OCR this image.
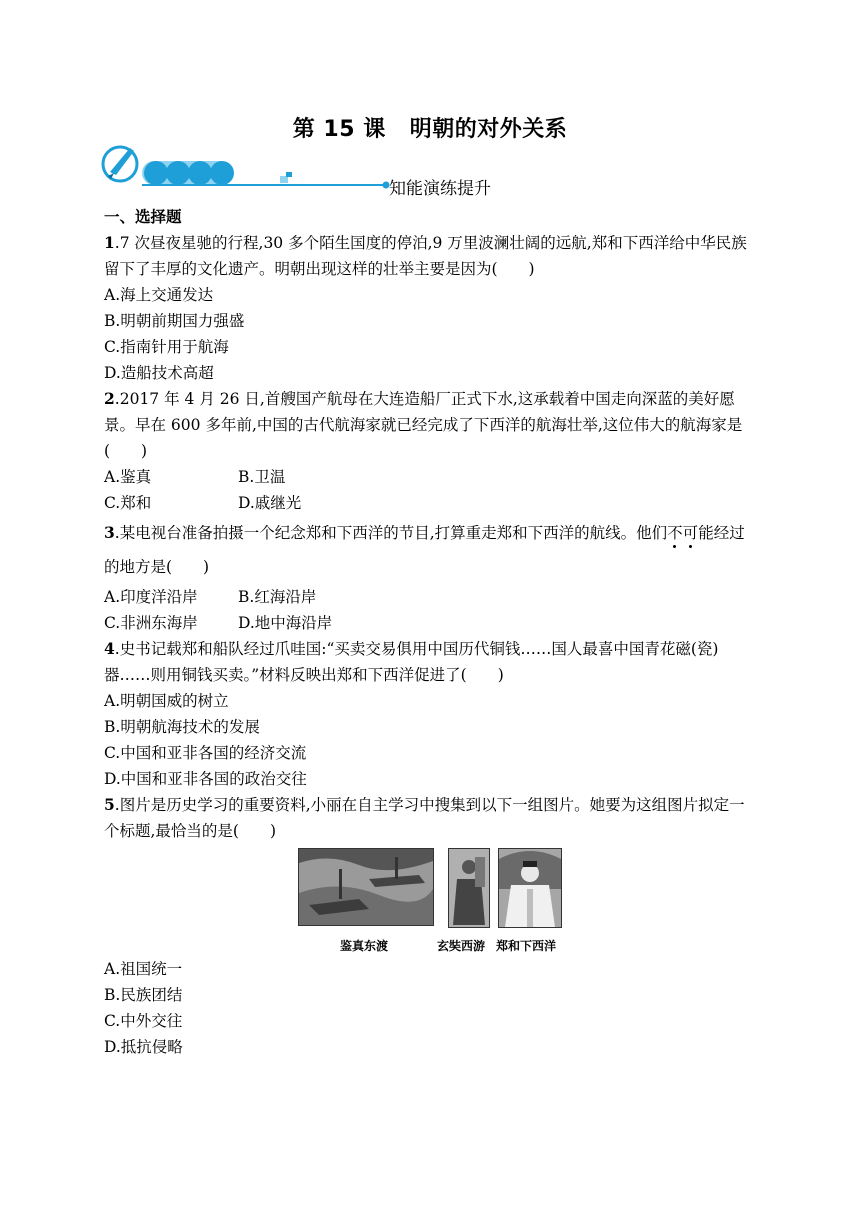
第 15 课 明朝的对外关系
知能演练提升
一、选择题

1.7 次昼夜星驰的行程,30 多个陌生国度的停泊,9 万里波澜壮阔的远航,郑和下西洋给中华民族留下了丰厚的文化遗产。明朝出现这样的壮举主要是因为(　　)

A.海上交通发达

B.明朝前期国力强盛

C.指南针用于航海

D.造船技术高超

2.2017 年 4 月 26 日,首艘国产航母在大连造船厂正式下水,这承载着中国走向深蓝的美好愿景。早在 600 多年前,中国的古代航海家就已经完成了下西洋的航海壮举,这位伟大的航海家是(　　)

A.鉴真	B.卫温
C.郑和	D.戚继光

3.某电视台准备拍摄一个纪念郑和下西洋的节目,打算重走郑和下西洋的航线。他们不可能经过的地方是(　　)

A.印度洋沿岸	B.红海沿岸
C.非洲东海岸	D.地中海沿岸

4.史书记载郑和船队经过爪哇国:“买卖交易俱用中国历代铜钱……国人最喜中国青花磁(瓷)器……则用铜钱买卖。”材料反映出郑和下西洋促进了(　　)

A.明朝国威的树立

B.明朝航海技术的发展

C.中国和亚非各国的经济交流

D.中国和亚非各国的政治交往

5.图片是历史学习的重要资料,小丽在自主学习中搜集到以下一组图片。她要为这组图片拟定一个标题,最恰当的是(　　)

鉴真东渡	玄奘西游 郑和下西洋

A.祖国统一

B.民族团结

C.中外交往

D.抵抗侵略
